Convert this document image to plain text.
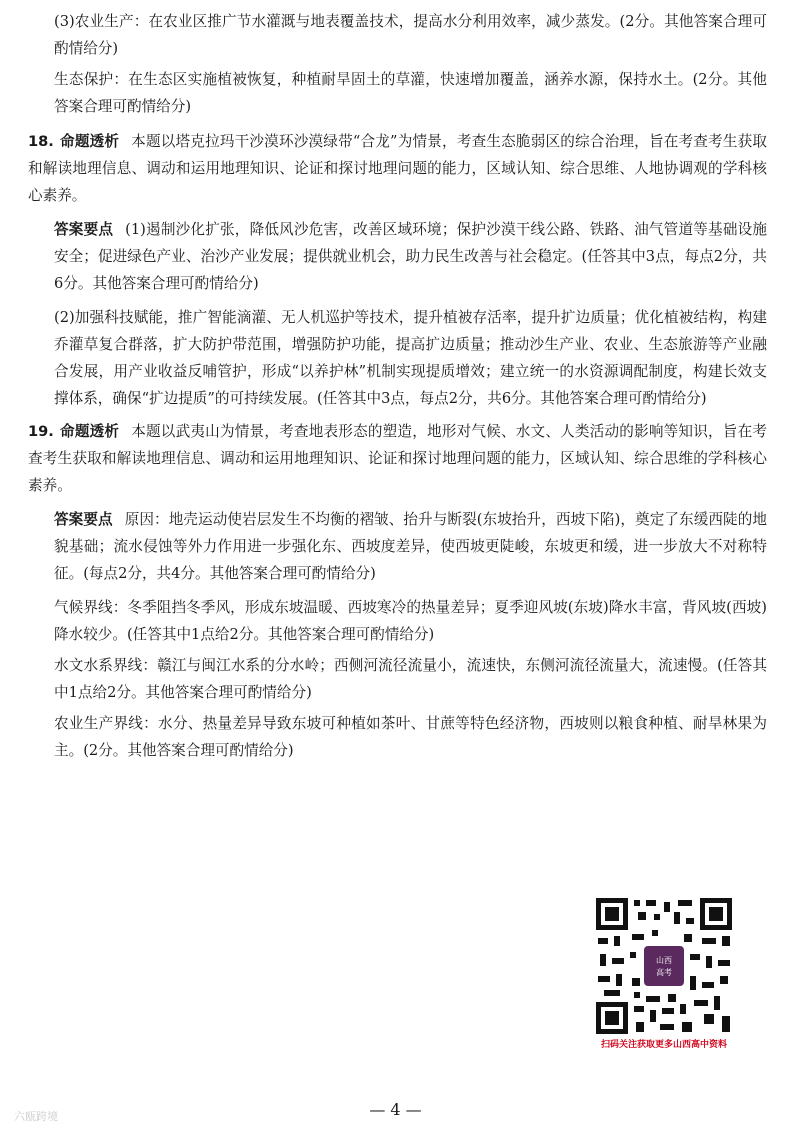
(3)农业生产：在农业区推广节水灌溉与地表覆盖技术，提高水分利用效率，减少蒸发。(2分。其他答案合理可酌情给分)

生态保护：在生态区实施植被恢复，种植耐旱固土的草灌，快速增加覆盖，涵养水源，保持水土。(2分。其他答案合理可酌情给分)

18. 命题透析 本题以塔克拉玛干沙漠环沙漠绿带“合龙”为情景，考查生态脆弱区的综合治理，旨在考查考生获取和解读地理信息、调动和运用地理知识、论证和探讨地理问题的能力，区域认知、综合思维、人地协调观的学科核心素养。

答案要点 (1)遏制沙化扩张，降低风沙危害，改善区域环境；保护沙漠干线公路、铁路、油气管道等基础设施安全；促进绿色产业、治沙产业发展；提供就业机会，助力民生改善与社会稳定。(任答其中3点，每点2分，共6分。其他答案合理可酌情给分)

(2)加强科技赋能，推广智能滴灌、无人机巡护等技术，提升植被存活率，提升扩边质量；优化植被结构，构建乔灌草复合群落，扩大防护带范围，增强防护功能，提高扩边质量；推动沙生产业、农业、生态旅游等产业融合发展，用产业收益反哺管护，形成“以养护林”机制实现提质增效；建立统一的水资源调配制度，构建长效支撑体系，确保“扩边提质”的可持续发展。(任答其中3点，每点2分，共6分。其他答案合理可酌情给分)

19. 命题透析 本题以武夷山为情景，考查地表形态的塑造，地形对气候、水文、人类活动的影响等知识，旨在考查考生获取和解读地理信息、调动和运用地理知识、论证和探讨地理问题的能力，区域认知、综合思维的学科核心素养。

答案要点 原因：地壳运动使岩层发生不均衡的褶皱、抬升与断裂(东坡抬升，西坡下陷)，奠定了东缓西陡的地貌基础；流水侵蚀等外力作用进一步强化东、西坡度差异，使西坡更陡峻，东坡更和缓，进一步放大不对称特征。(每点2分，共4分。其他答案合理可酌情给分)

气候界线：冬季阻挡冬季风，形成东坡温暖、西坡寒冷的热量差异；夏季迎风坡(东坡)降水丰富，背风坡(西坡)降水较少。(任答其中1点给2分。其他答案合理可酌情给分)

水文水系界线：赣江与闽江水系的分水岭；西侧河流径流量小，流速快，东侧河流径流量大，流速慢。(任答其中1点给2分。其他答案合理可酌情给分)

农业生产界线：水分、热量差异导致东坡可种植如茶叶、甘蔗等特色经济物，西坡则以粮食种植、耐旱林果为主。(2分。其他答案合理可酌情给分)

山西
高考
扫码关注获取更多山西高中资料
— 4 —
六瓯跨境
